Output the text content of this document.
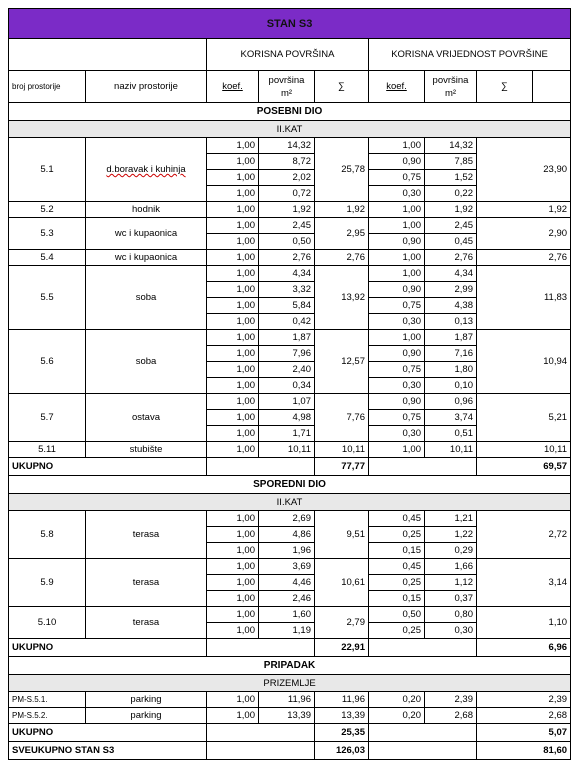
STAN S3								
		KORISNA POVRŠINA			KORISNA VRIJEDNOST POVRŠINE			
broj prostorije	naziv prostorije	koef.	površina m²	∑	koef.	površina m²	∑	
POSEBNI DIO								
II.KAT								
5.1	d.boravak i kuhinja	1,00	14,32	25,78	1,00	14,32	23,90	
		1,00	8,72		0,90	7,85		
		1,00	2,02		0,75	1,52		
		1,00	0,72		0,30	0,22		
5.2	hodnik	1,00	1,92	1,92	1,00	1,92	1,92	
5.3	wc i kupaonica	1,00	2,45	2,95	1,00	2,45	2,90	
		1,00	0,50		0,90	0,45		
5.4	wc i kupaonica	1,00	2,76	2,76	1,00	2,76	2,76	
5.5	soba	1,00	4,34	13,92	1,00	4,34	11,83	
		1,00	3,32		0,90	2,99		
		1,00	5,84		0,75	4,38		
		1,00	0,42		0,30	0,13		
5.6	soba	1,00	1,87	12,57	1,00	1,87	10,94	
		1,00	7,96		0,90	7,16		
		1,00	2,40		0,75	1,80		
		1,00	0,34		0,30	0,10		
5.7	ostava	1,00	1,07	7,76	0,90	0,96	5,21	
		1,00	4,98		0,75	3,74		
		1,00	1,71		0,30	0,51		
5.11	stubište	1,00	10,11	10,11	1,00	10,11	10,11	
UKUPNO				77,77			69,57	
SPOREDNI DIO								
II.KAT								
5.8	terasa	1,00	2,69	9,51	0,45	1,21	2,72	
		1,00	4,86		0,25	1,22		
		1,00	1,96		0,15	0,29		
5.9	terasa	1,00	3,69	10,61	0,45	1,66	3,14	
		1,00	4,46		0,25	1,12		
		1,00	2,46		0,15	0,37		
5.10	terasa	1,00	1,60	2,79	0,50	0,80	1,10	
		1,00	1,19		0,25	0,30		
UKUPNO				22,91			6,96	
PRIPADAK								
PRIZEMLJE								
PM-S.5.1.	parking	1,00	11,96	11,96	0,20	2,39	2,39	
PM-S.5.2.	parking	1,00	13,39	13,39	0,20	2,68	2,68	
UKUPNO				25,35			5,07	
SVEUKUPNO STAN S3				126,03			81,60	
